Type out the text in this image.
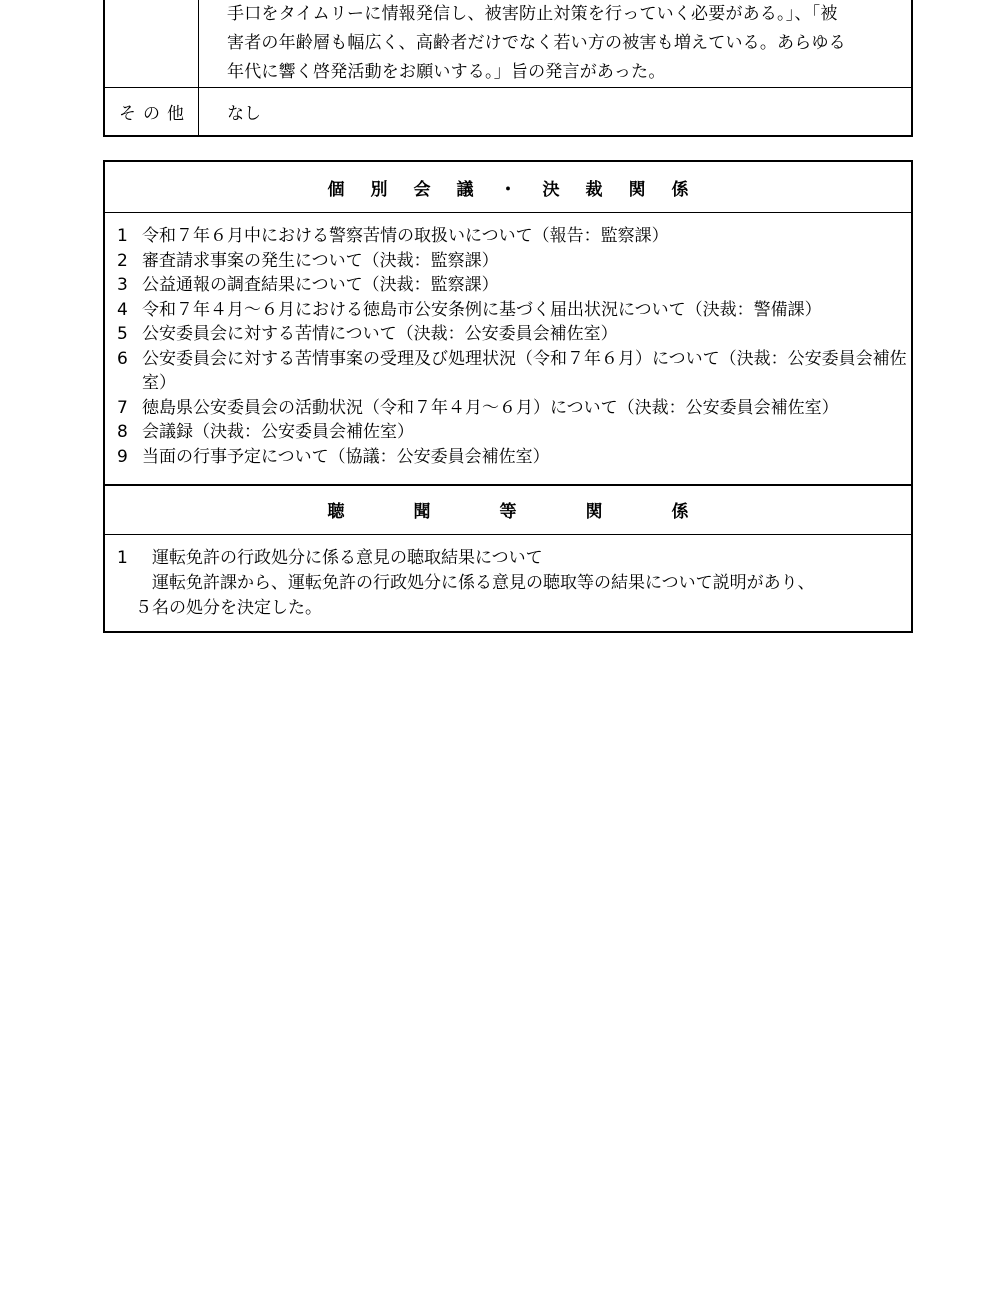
手口をタイムリーに情報発信し、被害防止対策を行っていく必要がある。」、「被
害者の年齢層も幅広く、高齢者だけでなく若い方の被害も増えている。あらゆる
年代に響く啓発活動をお願いする。」旨の発言があった。
その他	なし
個	別	会	議	・	決	裁	関	係
1 令和７年６月中における警察苦情の取扱いについて（報告：監察課）
2 審査請求事案の発生について（決裁：監察課）
3 公益通報の調査結果について（決裁：監察課）
4 令和７年４月～６月における徳島市公安条例に基づく届出状況について（決裁：警備課）
5 公安委員会に対する苦情について（決裁：公安委員会補佐室）
6 公安委員会に対する苦情事案の受理及び処理状況（令和７年６月）について（決裁：公安委員会補佐室）
7 徳島県公安委員会の活動状況（令和７年４月～６月）について（決裁：公安委員会補佐室）
8 会議録（決裁：公安委員会補佐室）
9 当面の行事予定について（協議：公安委員会補佐室）
聴	聞	等	関	係
1 運転免許の行政処分に係る意見の聴取結果について
運転免許課から、運転免許の行政処分に係る意見の聴取等の結果について説明があり、
５名の処分を決定した。
